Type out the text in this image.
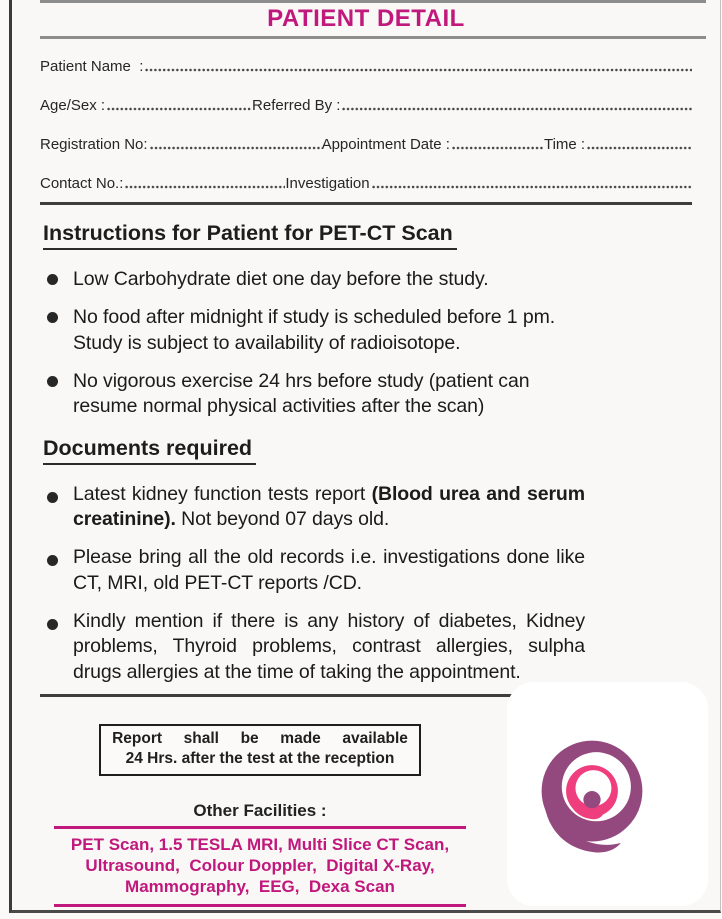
PATIENT DETAIL
Patient Name  :
Age/Sex :	Referred By :
Registration No:	Appointment Date :	Time :
Contact No.:	Investigation
Instructions for Patient for PET-CT Scan
Low Carbohydrate diet one day before the study.
No food after midnight if study is scheduled before 1 pm. Study is subject to availability of radioisotope.
No vigorous exercise 24 hrs before study (patient can resume normal physical activities after the scan)
Documents required
Latest kidney function tests report (Blood urea and serum creatinine). Not beyond 07 days old.
Please bring all the old records i.e. investigations done like CT, MRI, old PET-CT reports /CD.
Kindly mention if there is any history of diabetes, Kidney problems, Thyroid problems, contrast allergies, sulpha drugs allergies at the time of taking the appointment.
Report  shall  be  made  available
24 Hrs. after the test at the reception
Other Facilities :
PET Scan, 1.5 TESLA MRI, Multi Slice CT Scan,
Ultrasound,  Colour Doppler,  Digital X-Ray,
Mammography,  EEG,  Dexa Scan
